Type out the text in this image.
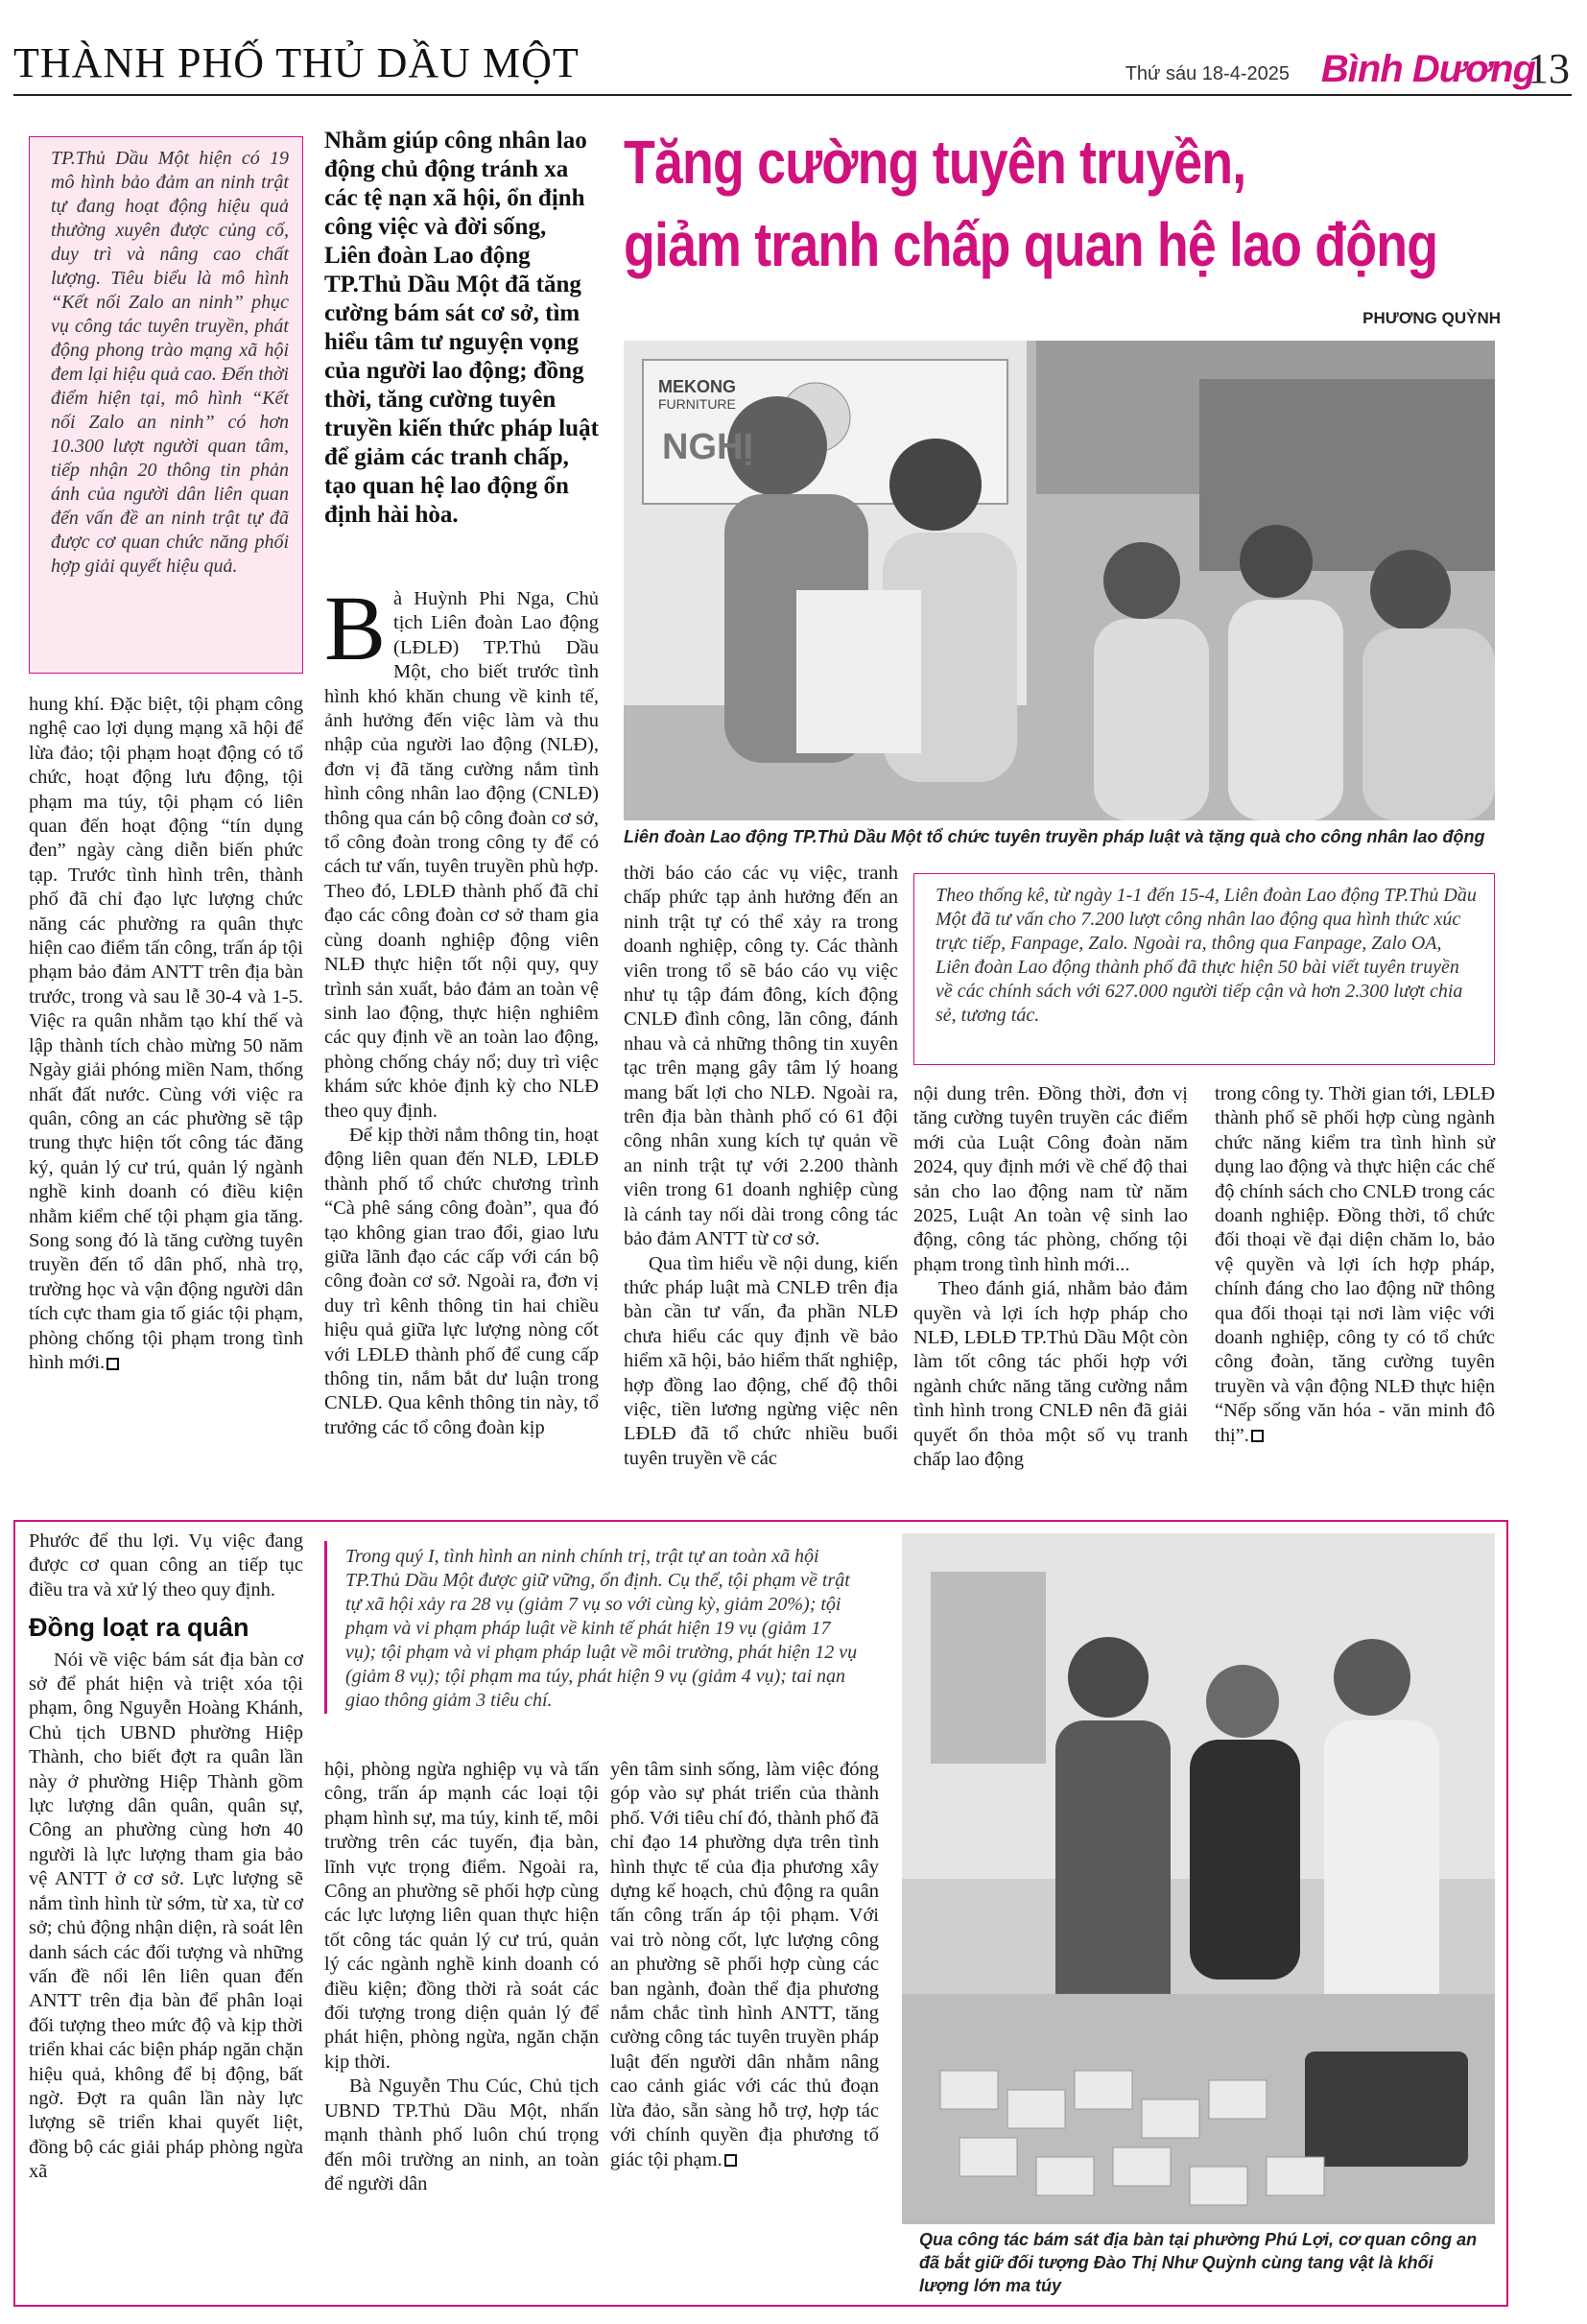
THÀNH PHỐ THỦ DẦU MỘT	Thứ sáu 18-4-2025 Bình Dương
13
TP.Thủ Dầu Một hiện có 19 mô hình bảo đảm an ninh trật tự đang hoạt động hiệu quả thường xuyên được củng cố, duy trì và nâng cao chất lượng. Tiêu biểu là mô hình “Kết nối Zalo an ninh” phục vụ công tác tuyên truyền, phát động phong trào mạng xã hội đem lại hiệu quả cao. Đến thời điểm hiện tại, mô hình “Kết nối Zalo an ninh” có hơn 10.300 lượt người quan tâm, tiếp nhận 20 thông tin phản ánh của người dân liên quan đến vấn đề an ninh trật tự đã được cơ quan chức năng phối hợp giải quyết hiệu quả.

hung khí. Đặc biệt, tội phạm công nghệ cao lợi dụng mạng xã hội để lừa đảo; tội phạm hoạt động có tổ chức, hoạt động lưu động, tội phạm ma túy, tội phạm có liên quan đến hoạt động “tín dụng đen” ngày càng diễn biến phức tạp. Trước tình hình trên, thành phố đã chỉ đạo lực lượng chức năng các phường ra quân thực hiện cao điểm tấn công, trấn áp tội phạm bảo đảm ANTT trên địa bàn trước, trong và sau lễ 30-4 và 1-5. Việc ra quân nhằm tạo khí thế và lập thành tích chào mừng 50 năm Ngày giải phóng miền Nam, thống nhất đất nước. Cùng với việc ra quân, công an các phường sẽ tập trung thực hiện tốt công tác đăng ký, quản lý cư trú, quản lý ngành nghề kinh doanh có điều kiện nhằm kiểm chế tội phạm gia tăng. Song song đó là tăng cường tuyên truyền đến tổ dân phố, nhà trọ, trường học và vận động người dân tích cực tham gia tố giác tội phạm, phòng chống tội phạm trong tình hình mới.

Nhằm giúp công nhân lao động chủ động tránh xa các tệ nạn xã hội, ổn định công việc và đời sống, Liên đoàn Lao động TP.Thủ Dầu Một đã tăng cường bám sát cơ sở, tìm hiểu tâm tư nguyện vọng của người lao động; đồng thời, tăng cường tuyên truyền kiến thức pháp luật để giảm các tranh chấp, tạo quan hệ lao động ổn định hài hòa.
Tăng cường tuyên truyền,
giảm tranh chấp quan hệ lao động
PHƯƠNG QUỲNH
MEKONG
FURNITURE
NGHỊ
Liên đoàn Lao động TP.Thủ Dầu Một tổ chức tuyên truyền pháp luật và tặng quà cho công nhân lao động

Bà Huỳnh Phi Nga, Chủ tịch Liên đoàn Lao động (LĐLĐ) TP.Thủ Dầu Một, cho biết trước tình hình khó khăn chung về kinh tế, ảnh hưởng đến việc làm và thu nhập của người lao động (NLĐ), đơn vị đã tăng cường nắm tình hình công nhân lao động (CNLĐ) thông qua cán bộ công đoàn cơ sở, tổ công đoàn trong công ty để có cách tư vấn, tuyên truyền phù hợp. Theo đó, LĐLĐ thành phố đã chỉ đạo các công đoàn cơ sở tham gia cùng doanh nghiệp động viên NLĐ thực hiện tốt nội quy, quy trình sản xuất, bảo đảm an toàn vệ sinh lao động, thực hiện nghiêm các quy định về an toàn lao động, phòng chống cháy nổ; duy trì việc khám sức khỏe định kỳ cho NLĐ theo quy định.

Để kịp thời nắm thông tin, hoạt động liên quan đến NLĐ, LĐLĐ thành phố tổ chức chương trình “Cà phê sáng công đoàn”, qua đó tạo không gian trao đổi, giao lưu giữa lãnh đạo các cấp với cán bộ công đoàn cơ sở. Ngoài ra, đơn vị duy trì kênh thông tin hai chiều hiệu quả giữa lực lượng nòng cốt với LĐLĐ thành phố để cung cấp thông tin, nắm bắt dư luận trong CNLĐ. Qua kênh thông tin này, tổ trưởng các tổ công đoàn kịp

thời báo cáo các vụ việc, tranh chấp phức tạp ảnh hưởng đến an ninh trật tự có thể xảy ra trong doanh nghiệp, công ty. Các thành viên trong tổ sẽ báo cáo vụ việc như tụ tập đám đông, kích động CNLĐ đình công, lãn công, đánh nhau và cả những thông tin xuyên tạc trên mạng gây tâm lý hoang mang bất lợi cho NLĐ. Ngoài ra, trên địa bàn thành phố có 61 đội công nhân xung kích tự quản về an ninh trật tự với 2.200 thành viên trong 61 doanh nghiệp cùng là cánh tay nối dài trong công tác bảo đảm ANTT từ cơ sở.

Qua tìm hiểu về nội dung, kiến thức pháp luật mà CNLĐ trên địa bàn cần tư vấn, đa phần NLĐ chưa hiểu các quy định về bảo hiểm xã hội, bảo hiểm thất nghiệp, hợp đồng lao động, chế độ thôi việc, tiền lương ngừng việc nên LĐLĐ đã tổ chức nhiều buổi tuyên truyền về các

Theo thống kê, từ ngày 1-1 đến 15-4, Liên đoàn Lao động TP.Thủ Dầu Một đã tư vấn cho 7.200 lượt công nhân lao động qua hình thức xúc trực tiếp, Fanpage, Zalo. Ngoài ra, thông qua Fanpage, Zalo OA, Liên đoàn Lao động thành phố đã thực hiện 50 bài viết tuyên truyền về các chính sách với 627.000 người tiếp cận và hơn 2.300 lượt chia sẻ, tương tác.

nội dung trên. Đồng thời, đơn vị tăng cường tuyên truyền các điểm mới của Luật Công đoàn năm 2024, quy định mới về chế độ thai sản cho lao động nam từ năm 2025, Luật An toàn vệ sinh lao động, công tác phòng, chống tội phạm trong tình hình mới...

Theo đánh giá, nhằm bảo đảm quyền và lợi ích hợp pháp cho NLĐ, LĐLĐ TP.Thủ Dầu Một còn làm tốt công tác phối hợp với ngành chức năng tăng cường nắm tình hình trong CNLĐ nên đã giải quyết ổn thỏa một số vụ tranh chấp lao động

trong công ty. Thời gian tới, LĐLĐ thành phố sẽ phối hợp cùng ngành chức năng kiểm tra tình hình sử dụng lao động và thực hiện các chế độ chính sách cho CNLĐ trong các doanh nghiệp. Đồng thời, tổ chức đối thoại về đại diện chăm lo, bảo vệ quyền và lợi ích hợp pháp, chính đáng cho lao động nữ thông qua đối thoại tại nơi làm việc với doanh nghiệp, công ty có tổ chức công đoàn, tăng cường tuyên truyền và vận động NLĐ thực hiện “Nếp sống văn hóa - văn minh đô thị”.

Phước để thu lợi. Vụ việc đang được cơ quan công an tiếp tục điều tra và xử lý theo quy định.

Đồng loạt ra quân

Nói về việc bám sát địa bàn cơ sở để phát hiện và triệt xóa tội phạm, ông Nguyễn Hoàng Khánh, Chủ tịch UBND phường Hiệp Thành, cho biết đợt ra quân lần này ở phường Hiệp Thành gồm lực lượng dân quân, quân sự, Công an phường cùng hơn 40 người là lực lượng tham gia bảo vệ ANTT ở cơ sở. Lực lượng sẽ nắm tình hình từ sớm, từ xa, từ cơ sở; chủ động nhận diện, rà soát lên danh sách các đối tượng và những vấn đề nổi lên liên quan đến ANTT trên địa bàn để phân loại đối tượng theo mức độ và kịp thời triển khai các biện pháp ngăn chặn hiệu quả, không để bị động, bất ngờ. Đợt ra quân lần này lực lượng sẽ triển khai quyết liệt, đồng bộ các giải pháp phòng ngừa xã

Trong quý I, tình hình an ninh chính trị, trật tự an toàn xã hội TP.Thủ Dầu Một được giữ vững, ổn định. Cụ thể, tội phạm về trật tự xã hội xảy ra 28 vụ (giảm 7 vụ so với cùng kỳ, giảm 20%); tội phạm và vi phạm pháp luật về kinh tế phát hiện 19 vụ (giảm 17 vụ); tội phạm và vi phạm pháp luật về môi trường, phát hiện 12 vụ (giảm 8 vụ); tội phạm ma túy, phát hiện 9 vụ (giảm 4 vụ); tai nạn giao thông giảm 3 tiêu chí.

hội, phòng ngừa nghiệp vụ và tấn công, trấn áp mạnh các loại tội phạm hình sự, ma túy, kinh tế, môi trường trên các tuyến, địa bàn, lĩnh vực trọng điểm. Ngoài ra, Công an phường sẽ phối hợp cùng các lực lượng liên quan thực hiện tốt công tác quản lý cư trú, quản lý các ngành nghề kinh doanh có điều kiện; đồng thời rà soát các đối tượng trong diện quản lý để phát hiện, phòng ngừa, ngăn chặn kịp thời.

Bà Nguyễn Thu Cúc, Chủ tịch UBND TP.Thủ Dầu Một, nhấn mạnh thành phố luôn chú trọng đến môi trường an ninh, an toàn để người dân

yên tâm sinh sống, làm việc đóng góp vào sự phát triển của thành phố. Với tiêu chí đó, thành phố đã chỉ đạo 14 phường dựa trên tình hình thực tế của địa phương xây dựng kế hoạch, chủ động ra quân tấn công trấn áp tội phạm. Với vai trò nòng cốt, lực lượng công an phường sẽ phối hợp cùng các ban ngành, đoàn thể địa phương nắm chắc tình hình ANTT, tăng cường công tác tuyên truyền pháp luật đến người dân nhằm nâng cao cảnh giác với các thủ đoạn lừa đảo, sẵn sàng hỗ trợ, hợp tác với chính quyền địa phương tố giác tội phạm.

Qua công tác bám sát địa bàn tại phường Phú Lợi, cơ quan công an đã bắt giữ đối tượng Đào Thị Như Quỳnh cùng tang vật là khối lượng lớn ma túy
